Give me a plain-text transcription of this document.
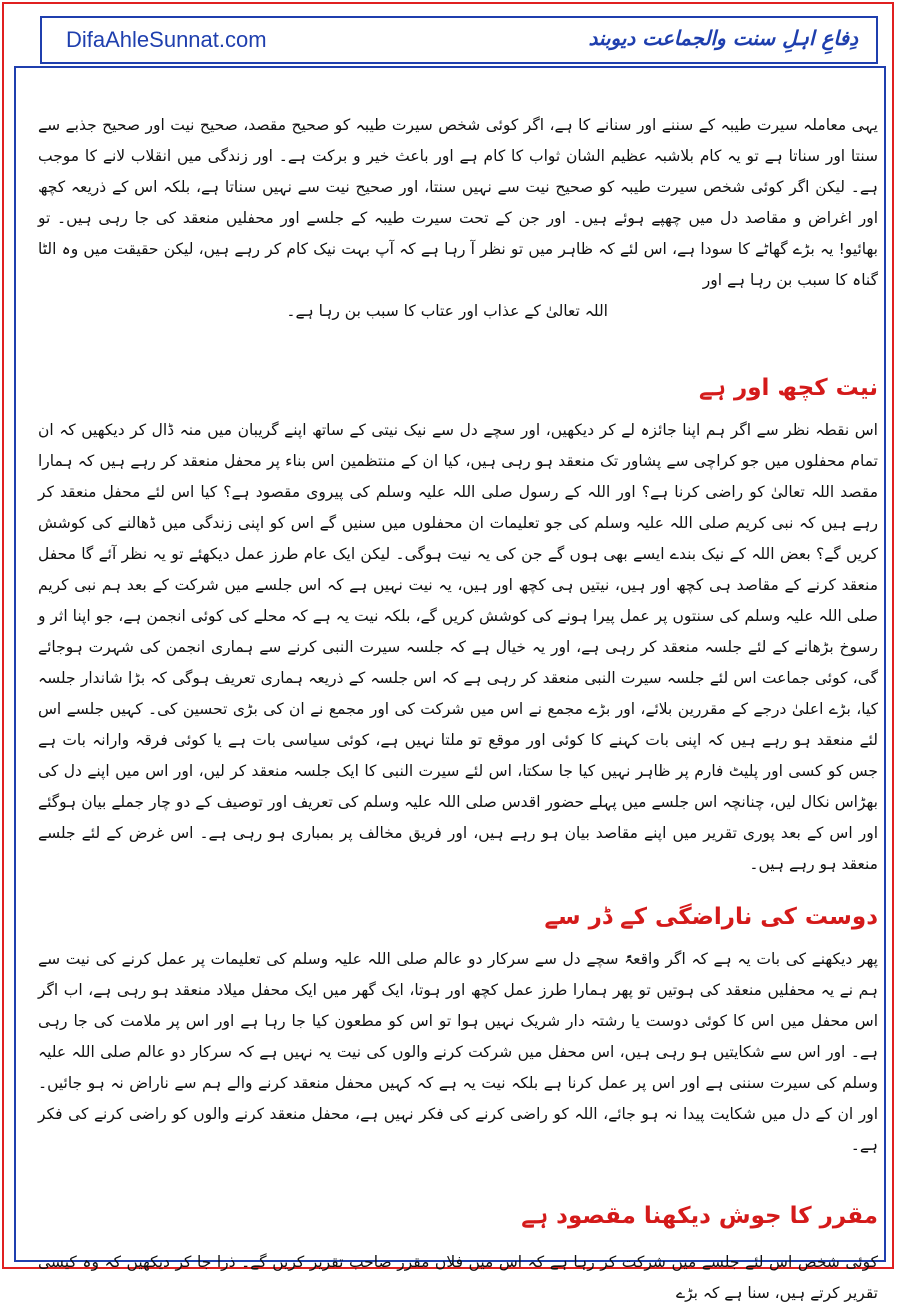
DifaAhleSunnat.com	دِفاعِ اہلِ سنت والجماعت دیوبند

یہی معاملہ سیرت طیبہ کے سننے اور سنانے کا ہے، اگر کوئی شخص سیرت طیبہ کو صحیح مقصد، صحیح نیت اور صحیح جذبے سے سنتا اور سناتا ہے تو یہ کام بلاشبہ عظیم الشان ثواب کا کام ہے اور باعث خیر و برکت ہے۔ اور زندگی میں انقلاب لانے کا موجب ہے۔ لیکن اگر کوئی شخص سیرت طیبہ کو صحیح نیت سے نہیں سنتا، اور صحیح نیت سے نہیں سناتا ہے، بلکہ اس کے ذریعہ کچھ اور اغراض و مقاصد دل میں چھپے ہوئے ہیں۔ اور جن کے تحت سیرت طیبہ کے جلسے اور محفلیں منعقد کی جا رہی ہیں۔ تو بھائیو! یہ بڑے گھاٹے کا سودا ہے، اس لئے کہ ظاہر میں تو نظر آ رہا ہے کہ آپ بہت نیک کام کر رہے ہیں، لیکن حقیقت میں وہ الٹا گناہ کا سبب بن رہا ہے اور

اللہ تعالیٰ کے عذاب اور عتاب کا سبب بن رہا ہے۔

نیت کچھ اور ہے

اس نقطہ نظر سے اگر ہم اپنا جائزہ لے کر دیکھیں، اور سچے دل سے نیک نیتی کے ساتھ اپنے گریبان میں منہ ڈال کر دیکھیں کہ ان تمام محفلوں میں جو کراچی سے پشاور تک منعقد ہو رہی ہیں، کیا ان کے منتظمین اس بناء پر محفل منعقد کر رہے ہیں کہ ہمارا مقصد اللہ تعالیٰ کو راضی کرنا ہے؟ اور اللہ کے رسول صلی اللہ علیہ وسلم کی پیروی مقصود ہے؟ کیا اس لئے محفل منعقد کر رہے ہیں کہ نبی کریم صلی اللہ علیہ وسلم کی جو تعلیمات ان محفلوں میں سنیں گے اس کو اپنی زندگی میں ڈھالنے کی کوشش کریں گے؟ بعض اللہ کے نیک بندے ایسے بھی ہوں گے جن کی یہ نیت ہوگی۔ لیکن ایک عام طرز عمل دیکھئے تو یہ نظر آئے گا محفل منعقد کرنے کے مقاصد ہی کچھ اور ہیں، نیتیں ہی کچھ اور ہیں، یہ نیت نہیں ہے کہ اس جلسے میں شرکت کے بعد ہم نبی کریم صلی اللہ علیہ وسلم کی سنتوں پر عمل پیرا ہونے کی کوشش کریں گے، بلکہ نیت یہ ہے کہ محلے کی کوئی انجمن ہے، جو اپنا اثر و رسوخ بڑھانے کے لئے جلسہ منعقد کر رہی ہے، اور یہ خیال ہے کہ جلسہ سیرت النبی کرنے سے ہماری انجمن کی شہرت ہوجائے گی، کوئی جماعت اس لئے جلسہ سیرت النبی منعقد کر رہی ہے کہ اس جلسہ کے ذریعہ ہماری تعریف ہوگی کہ بڑا شاندار جلسہ کیا، بڑے اعلیٰ درجے کے مقررین بلائے، اور بڑے مجمع نے اس میں شرکت کی اور مجمع نے ان کی بڑی تحسین کی۔ کہیں جلسے اس لئے منعقد ہو رہے ہیں کہ اپنی بات کہنے کا کوئی اور موقع تو ملتا نہیں ہے، کوئی سیاسی بات ہے یا کوئی فرقہ وارانہ بات ہے جس کو کسی اور پلیٹ فارم پر ظاہر نہیں کیا جا سکتا، اس لئے سیرت النبی کا ایک جلسہ منعقد کر لیں، اور اس میں اپنے دل کی بھڑاس نکال لیں، چنانچہ اس جلسے میں پہلے حضور اقدس صلی اللہ علیہ وسلم کی تعریف اور توصیف کے دو چار جملے بیان ہوگئے اور اس کے بعد پوری تقریر میں اپنے مقاصد بیان ہو رہے ہیں، اور فریق مخالف پر بمباری ہو رہی ہے۔ اس غرض کے لئے جلسے منعقد ہو رہے ہیں۔

دوست کی ناراضگی کے ڈر سے

پھر دیکھنے کی بات یہ ہے کہ اگر واقعۃً سچے دل سے سرکار دو عالم صلی اللہ علیہ وسلم کی تعلیمات پر عمل کرنے کی نیت سے ہم نے یہ محفلیں منعقد کی ہوتیں تو پھر ہمارا طرز عمل کچھ اور ہوتا، ایک گھر میں ایک محفل میلاد منعقد ہو رہی ہے، اب اگر اس محفل میں اس کا کوئی دوست یا رشتہ دار شریک نہیں ہوا تو اس کو مطعون کیا جا رہا ہے اور اس پر ملامت کی جا رہی ہے۔ اور اس سے شکایتیں ہو رہی ہیں، اس محفل میں شرکت کرنے والوں کی نیت یہ نہیں ہے کہ سرکار دو عالم صلی اللہ علیہ وسلم کی سیرت سننی ہے اور اس پر عمل کرنا ہے بلکہ نیت یہ ہے کہ کہیں محفل منعقد کرنے والے ہم سے ناراض نہ ہو جائیں۔ اور ان کے دل میں شکایت پیدا نہ ہو جائے، اللہ کو راضی کرنے کی فکر نہیں ہے، محفل منعقد کرنے والوں کو راضی کرنے کی فکر ہے۔

مقرر کا جوش دیکھنا مقصود ہے

کوئی شخص اس لئے جلسے میں شرکت کر رہا ہے کہ اس میں فلاں مقرر صاحب تقریر کریں گے۔ ذرا جا کر دیکھیں کہ وہ کیسی تقریر کرتے ہیں، سنا ہے کہ بڑے
